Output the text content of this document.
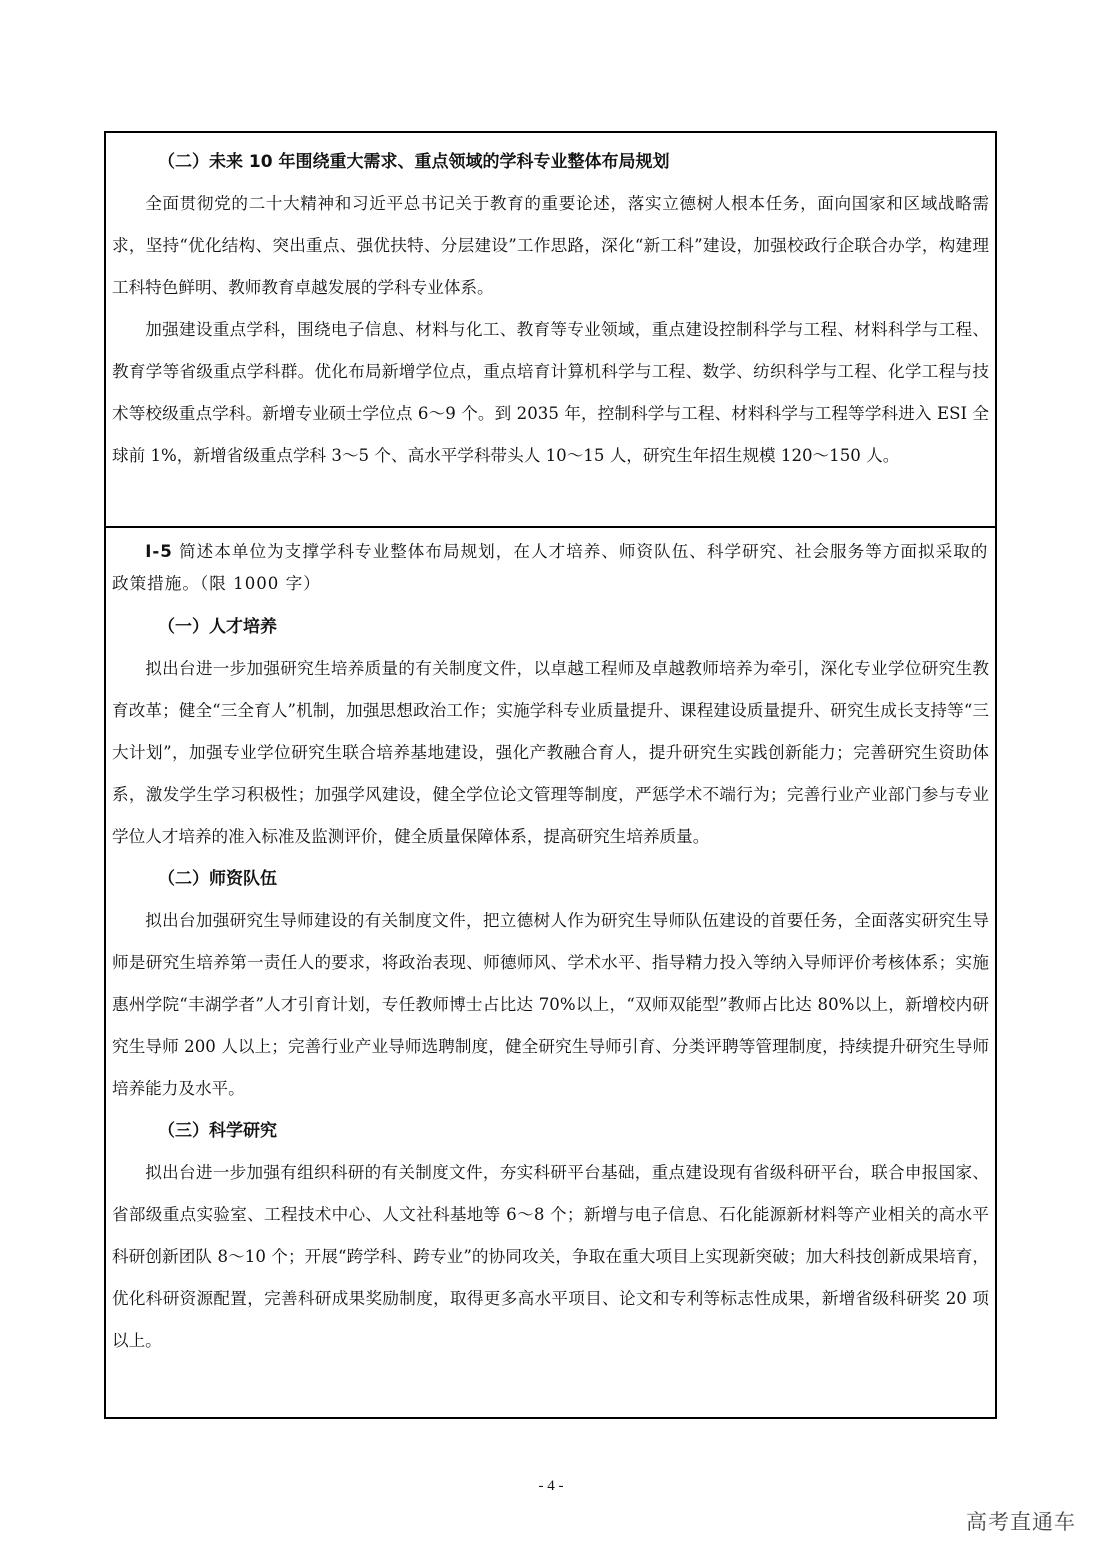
（二）未来 10 年围绕重大需求、重点领域的学科专业整体布局规划

全面贯彻党的二十大精神和习近平总书记关于教育的重要论述，落实立德树人根本任务，面向国家和区域战略需求，坚持“优化结构、突出重点、强优扶特、分层建设”工作思路，深化“新工科”建设，加强校政行企联合办学，构建理工科特色鲜明、教师教育卓越发展的学科专业体系。

加强建设重点学科，围绕电子信息、材料与化工、教育等专业领域，重点建设控制科学与工程、材料科学与工程、教育学等省级重点学科群。优化布局新增学位点，重点培育计算机科学与工程、数学、纺织科学与工程、化学工程与技术等校级重点学科。新增专业硕士学位点 6～9 个。到 2035 年，控制科学与工程、材料科学与工程等学科进入 ESI 全球前 1%，新增省级重点学科 3～5 个、高水平学科带头人 10～15 人，研究生年招生规模 120～150 人。

I-5 简述本单位为支撑学科专业整体布局规划，在人才培养、师资队伍、科学研究、社会服务等方面拟采取的政策措施。（限 1000 字）

（一）人才培养

拟出台进一步加强研究生培养质量的有关制度文件，以卓越工程师及卓越教师培养为牵引，深化专业学位研究生教育改革；健全“三全育人”机制，加强思想政治工作；实施学科专业质量提升、课程建设质量提升、研究生成长支持等“三大计划”，加强专业学位研究生联合培养基地建设，强化产教融合育人，提升研究生实践创新能力；完善研究生资助体系，激发学生学习积极性；加强学风建设，健全学位论文管理等制度，严惩学术不端行为；完善行业产业部门参与专业学位人才培养的准入标准及监测评价，健全质量保障体系，提高研究生培养质量。

（二）师资队伍

拟出台加强研究生导师建设的有关制度文件，把立德树人作为研究生导师队伍建设的首要任务，全面落实研究生导师是研究生培养第一责任人的要求，将政治表现、师德师风、学术水平、指导精力投入等纳入导师评价考核体系；实施惠州学院“丰湖学者”人才引育计划，专任教师博士占比达 70%以上，“双师双能型”教师占比达 80%以上，新增校内研究生导师 200 人以上；完善行业产业导师选聘制度，健全研究生导师引育、分类评聘等管理制度，持续提升研究生导师培养能力及水平。

（三）科学研究

拟出台进一步加强有组织科研的有关制度文件，夯实科研平台基础，重点建设现有省级科研平台，联合申报国家、省部级重点实验室、工程技术中心、人文社科基地等 6～8 个；新增与电子信息、石化能源新材料等产业相关的高水平科研创新团队 8～10 个；开展“跨学科、跨专业”的协同攻关，争取在重大项目上实现新突破；加大科技创新成果培育，优化科研资源配置，完善科研成果奖励制度，取得更多高水平项目、论文和专利等标志性成果，新增省级科研奖 20 项以上。

- 4 -
高考直通车
